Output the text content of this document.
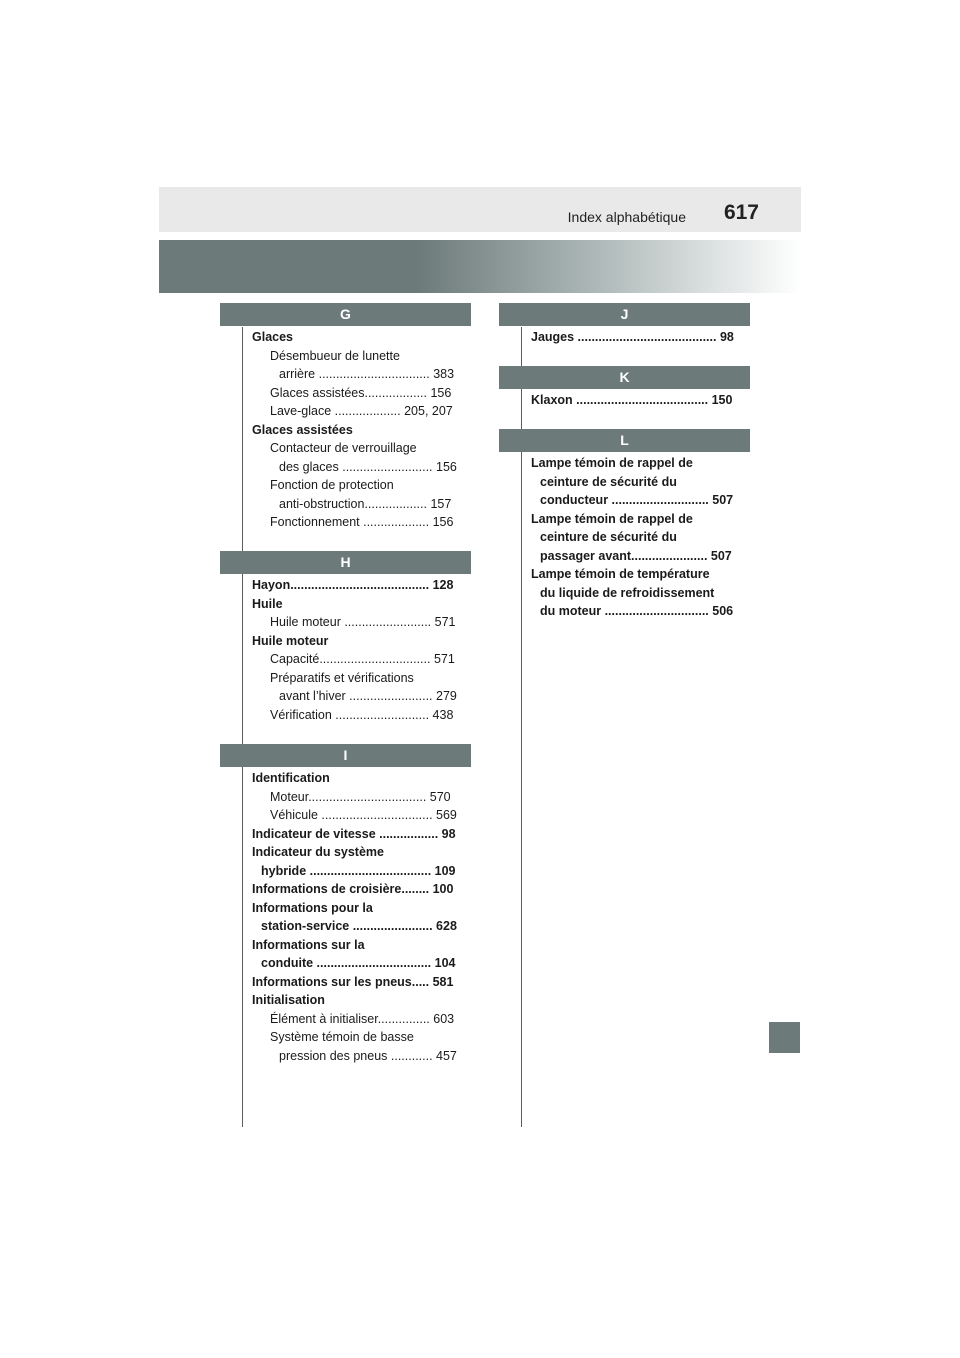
Index alphabétique 617
G
Glaces
Désembueur de lunette
arrière ................................ 383
Glaces assistées.................. 156
Lave-glace ................... 205, 207
Glaces assistées
Contacteur de verrouillage
des glaces .......................... 156
Fonction de protection
anti-obstruction.................. 157
Fonctionnement ................... 156
H
Hayon........................................ 128
Huile
Huile moteur ......................... 571
Huile moteur
Capacité................................ 571
Préparatifs et vérifications
avant l’hiver ........................ 279
Vérification ........................... 438
I
Identification
Moteur.................................. 570
Véhicule ................................ 569
Indicateur de vitesse ................. 98
Indicateur du système
hybride ................................... 109
Informations de croisière........ 100
Informations pour la
station-service ....................... 628
Informations sur la
conduite ................................. 104
Informations sur les pneus..... 581
Initialisation
Élément à initialiser............... 603
Système témoin de basse
pression des pneus ............ 457
J
Jauges ........................................ 98
K
Klaxon ...................................... 150
L
Lampe témoin de rappel de
ceinture de sécurité du
conducteur ............................ 507
Lampe témoin de rappel de
ceinture de sécurité du
passager avant...................... 507
Lampe témoin de température
du liquide de refroidissement
du moteur .............................. 506
